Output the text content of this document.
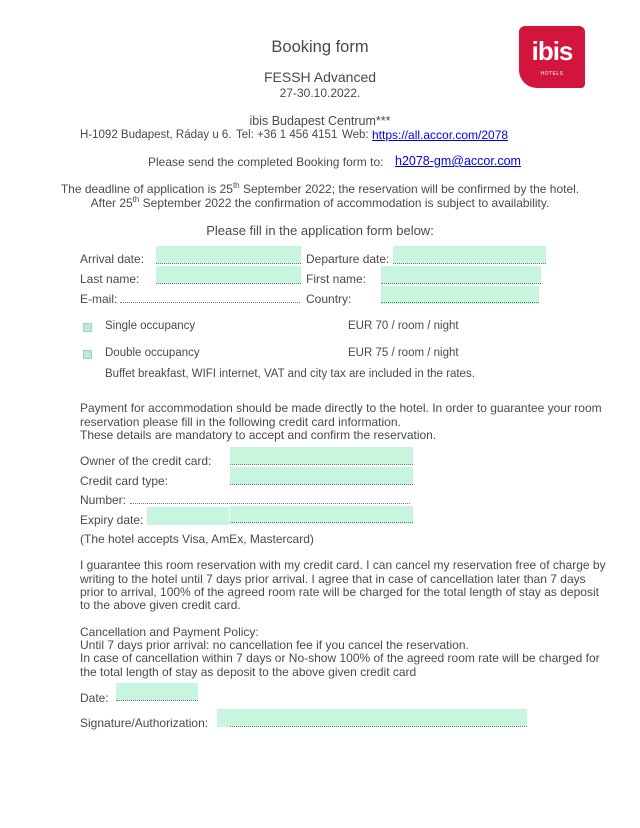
ibis
HOTELS
Booking form
FESSH Advanced
27-30.10.2022.
ibis Budapest Centrum***
H-1092 Budapest, Ráday u 6. Tel: +36 1 456 4151 Web: https://all.accor.com/2078
Please send the completed Booking form to: h2078-gm@accor.com
The deadline of application is 25th September 2022; the reservation will be confirmed by the hotel.
After 25th September 2022 the confirmation of accommodation is subject to availability.
Please fill in the application form below:
Arrival date:	Departure date:
Last name:	First name:
E-mail:	Country:
Single occupancy	EUR 70 / room / night
Double occupancy	EUR 75 / room / night
Buffet breakfast, WIFI internet, VAT and city tax are included in the rates.
Payment for accommodation should be made directly to the hotel. In order to guarantee your room
reservation please fill in the following credit card information.
These details are mandatory to accept and confirm the reservation.
Owner of the credit card:
Credit card type:
Number:
Expiry date:
(The hotel accepts Visa, AmEx, Mastercard)
I guarantee this room reservation with my credit card. I can cancel my reservation free of charge by
writing to the hotel until 7 days prior arrival. I agree that in case of cancellation later than 7 days
prior to arrival, 100% of the agreed room rate will be charged for the total length of stay as deposit
to the above given credit card.
Cancellation and Payment Policy:
Until 7 days prior arrival: no cancellation fee if you cancel the reservation.
In case of cancellation within 7 days or No-show 100% of the agreed room rate will be charged for
the total length of stay as deposit to the above given credit card
Date:
Signature/Authorization:
